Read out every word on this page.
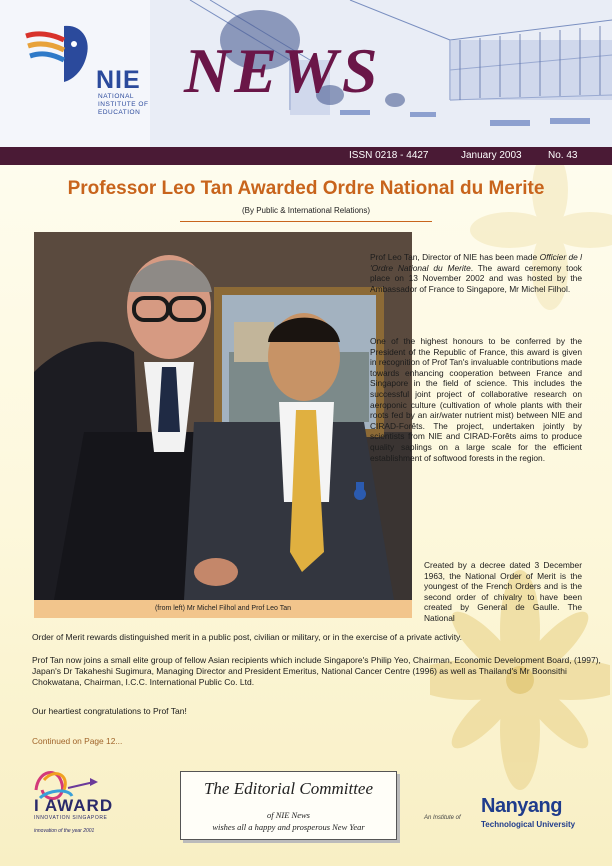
NIE
NATIONAL
INSTITUTE OF
EDUCATION
NEWS
ISSN 0218 - 4427	January 2003	No. 43
Professor Leo Tan Awarded Ordre National du Merite
(By Public & International Relations)
(from left) Mr Michel Filhol and Prof Leo Tan

Prof Leo Tan, Director of NIE has been made Officier de l 'Ordre National du Merite. The award ceremony took place on 13 November 2002 and was hosted by the Ambassador of France to Singapore, Mr Michel Filhol.

One of the highest honours to be conferred by the President of the Republic of France, this award is given in recognition of Prof Tan's invaluable contributions made towards enhancing cooperation between France and Singapore in the field of science. This includes the successful joint project of collaborative research on aeroponic culture (cultivation of whole plants with their roots fed by an air/water nutrient mist) between NIE and CIRAD-Forêts. The project, undertaken jointly by scientists from NIE and CIRAD-Forêts aims to produce quality saplings on a large scale for the efficient establishment of softwood forests in the region.

Created by a decree dated 3 December 1963, the National Order of Merit is the youngest of the French Orders and is the second order of chivalry to have been created by General de Gaulle. The National

Order of Merit rewards distinguished merit in a public post, civilian or military, or in the exercise of a private activity.

Prof Tan now joins a small elite group of fellow Asian recipients which include Singapore's Philip Yeo, Chairman, Economic Development Board, (1997), Japan's Dr Takaheshi Sugimura, Managing Director and President Emeritus, National Cancer Centre (1996) as well as Thailand's Mr Boonsithi Chokwatana, Chairman, I.C.C. International Public Co. Ltd.

Our heartiest congratulations to Prof Tan!

Continued on Page 12...
I AWARD
INNOVATION SINGAPORE
innovation of the year 2001
The Editorial Committee
of NIE News
wishes all a happy and prosperous New Year
An Institute of
Nanyang
Technological University
